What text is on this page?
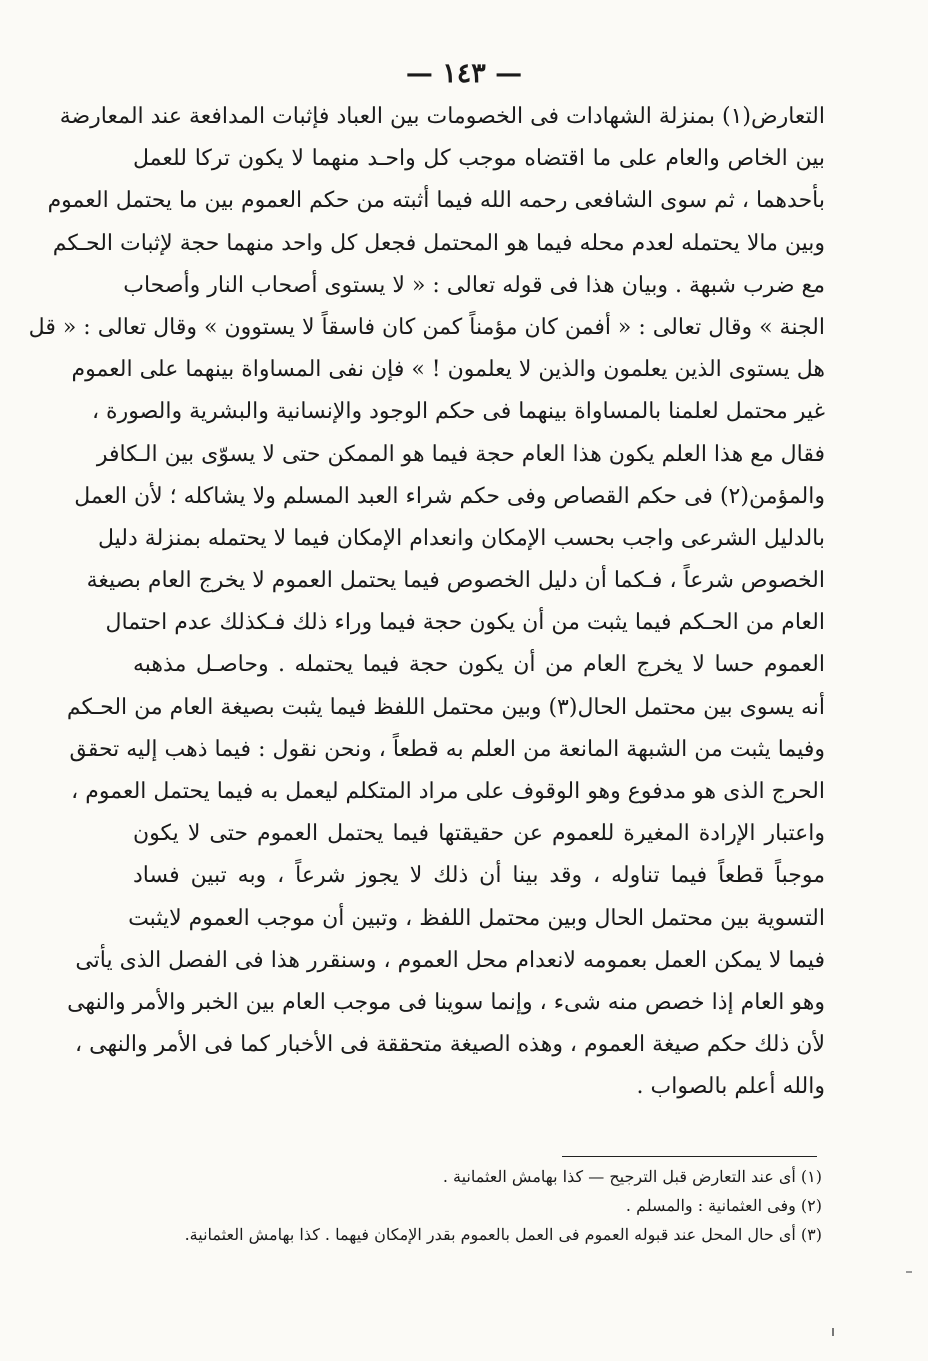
— ١٤٣ —
التعارض(١) بمنزلة الشهادات فى الخصومات بين العباد فإثبات المدافعة عند المعارضة
بين الخاص والعام على ما اقتضاه موجب كل واحـد منهما لا يكون تركا للعمل
بأحدهما ، ثم سوى الشافعى رحمه الله فيما أثبته من حكم العموم بين ما يحتمل العموم
وبين مالا يحتمله لعدم محله فيما هو المحتمل فجعل كل واحد منهما حجة لإثبات الحـكم
مع ضرب شبهة . وبيان هذا فى قوله تعالى : « لا يستوى أصحاب النار وأصحاب
الجنة » وقال تعالى : « أفمن كان مؤمناً كمن كان فاسقاً لا يستوون » وقال تعالى : « قل
هل يستوى الذين يعلمون والذين لا يعلمون ! » فإن نفى المساواة بينهما على العموم
غير محتمل لعلمنا بالمساواة بينهما فى حكم الوجود والإنسانية والبشرية والصورة ،
فقال مع هذا العلم يكون هذا العام حجة فيما هو الممكن حتى لا يسوّى بين الـكافر
والمؤمن(٢) فى حكم القصاص وفى حكم شراء العبد المسلم ولا يشاكله ؛ لأن العمل
بالدليل الشرعى واجب بحسب الإمكان وانعدام الإمكان فيما لا يحتمله بمنزلة دليل
الخصوص شرعاً ، فـكما أن دليل الخصوص فيما يحتمل العموم لا يخرج العام بصيغة
العام من الحـكم فيما يثبت من أن يكون حجة فيما وراء ذلك فـكذلك عدم احتمال
العموم حسا لا يخرج العام من أن يكون حجة فيما يحتمله . وحاصـل مذهبه
أنه يسوى بين محتمل الحال(٣) وبين محتمل اللفظ فيما يثبت بصيغة العام من الحـكم
وفيما يثبت من الشبهة المانعة من العلم به قطعاً ، ونحن نقول : فيما ذهب إليه تحقق
الحرج الذى هو مدفوع وهو الوقوف على مراد المتكلم ليعمل به فيما يحتمل العموم ،
واعتبار الإرادة المغيرة للعموم عن حقيقتها فيما يحتمل العموم حتى لا يكون
موجباً قطعاً فيما تناوله ، وقد بينا أن ذلك لا يجوز شرعاً ، وبه تبين فساد
التسوية بين محتمل الحال وبين محتمل اللفظ ، وتبين أن موجب العموم لايثبت
فيما لا يمكن العمل بعمومه لانعدام محل العموم ، وسنقرر هذا فى الفصل الذى يأتى
وهو العام إذا خصص منه شىء ، وإنما سوينا فى موجب العام بين الخبر والأمر والنهى
لأن ذلك حكم صيغة العموم ، وهذه الصيغة متحققة فى الأخبار كما فى الأمر والنهى ،
والله أعلم بالصواب .
(١) أى عند التعارض قبل الترجيح — كذا بهامش العثمانية .
(٢) وفى العثمانية : والمسلم .
(٣) أى حال المحل عند قبوله العموم فى العمل بالعموم بقدر الإمكان فيهما . كذا بهامش العثمانية.
